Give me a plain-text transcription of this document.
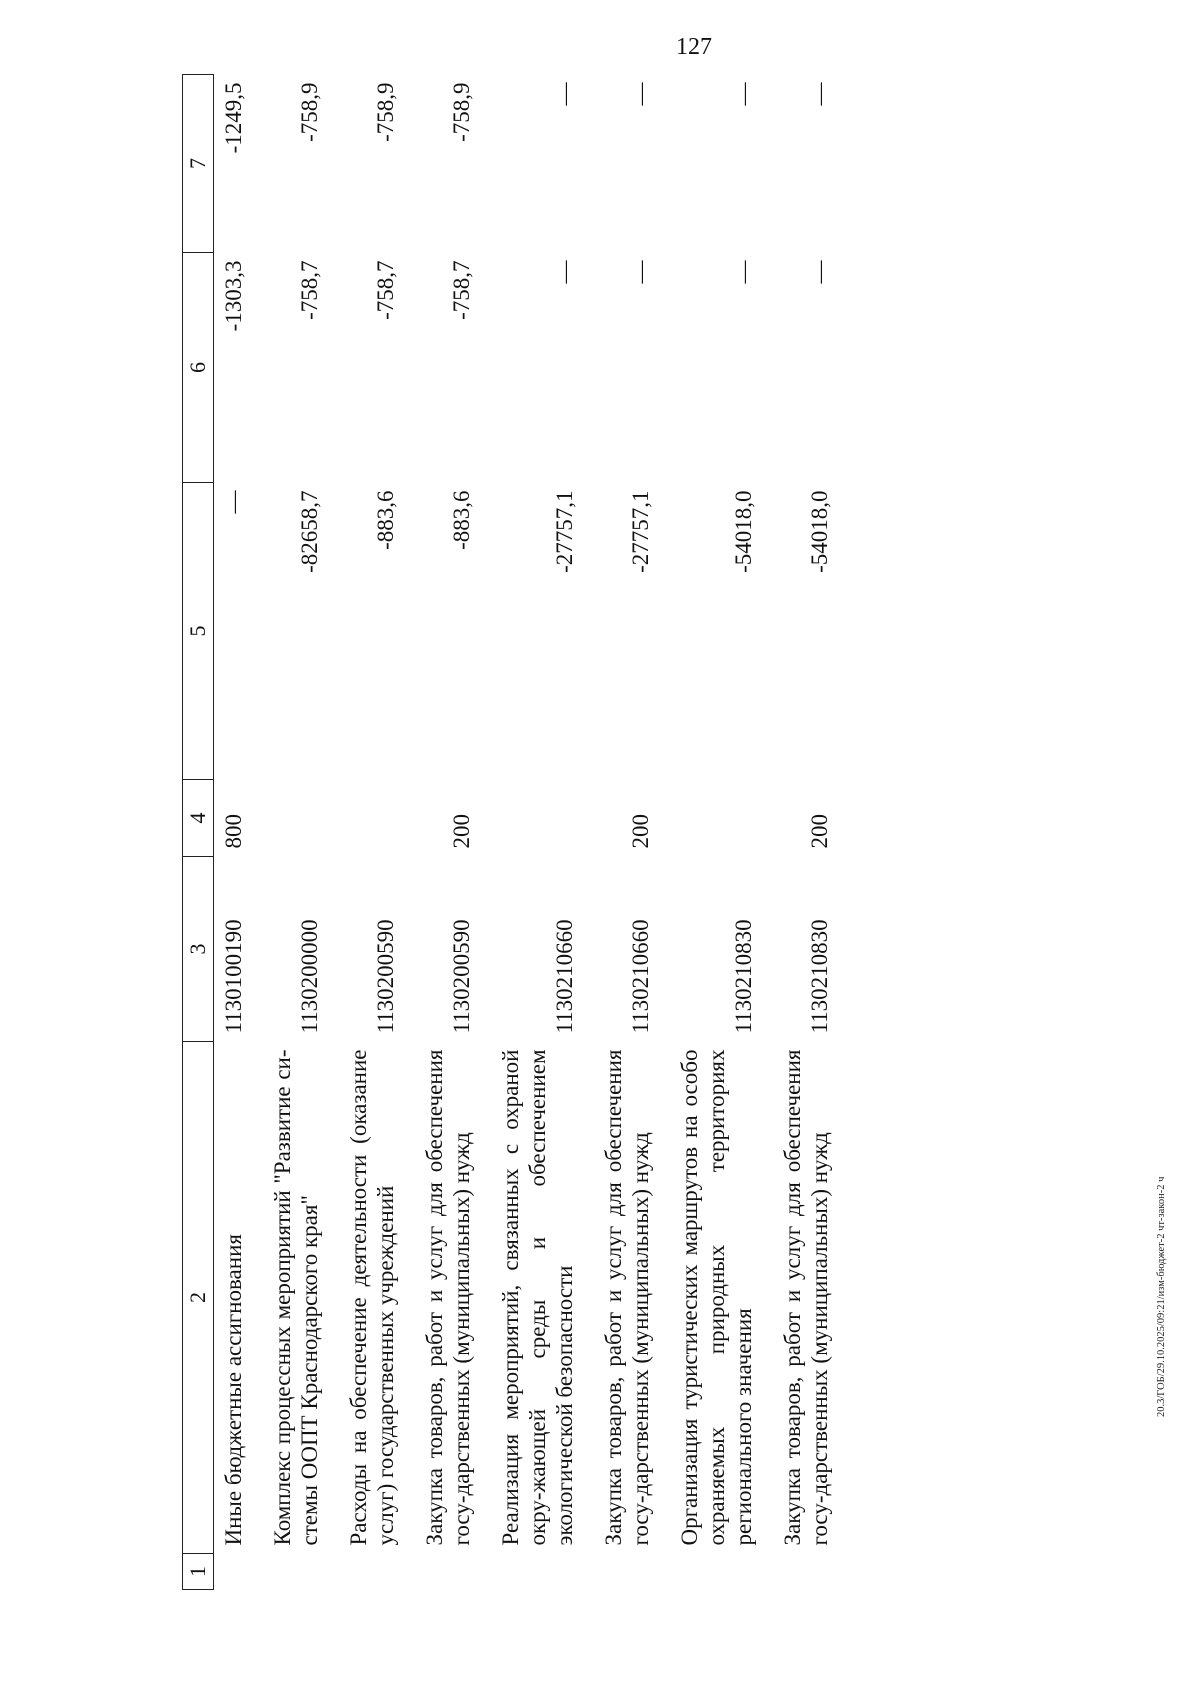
127
20.3/ГОБ/29.10.2025/09:21/изм-бюджет-2 чт-закон-2 ч
1	2	3	4	5	6	7
Иные бюджетные ассигнования		1130100190	800	—	-1303,3	-1249,5

Комплекс процессных мероприятий "Развитие си-стемы ООПТ Краснодарского края"		1130200000		-82658,7	-758,7	-758,9

Расходы на обеспечение деятельности (оказание услуг) государственных учреждений		1130200590		-883,6	-758,7	-758,9

Закупка товаров, работ и услуг для обеспечения госу-дарственных (муниципальных) нужд		1130200590	200	-883,6	-758,7	-758,9

Реализация мероприятий, связанных с охраной окру-жающей среды и обеспечением экологической безопасности		1130210660		-27757,1	—	—

Закупка товаров, работ и услуг для обеспечения госу-дарственных (муниципальных) нужд		1130210660	200	-27757,1	—	—

Организация туристических маршрутов на особо охраняемых природных территориях регионального значения		1130210830		-54018,0	—	—

Закупка товаров, работ и услуг для обеспечения госу-дарственных (муниципальных) нужд		1130210830	200	-54018,0	—	—
